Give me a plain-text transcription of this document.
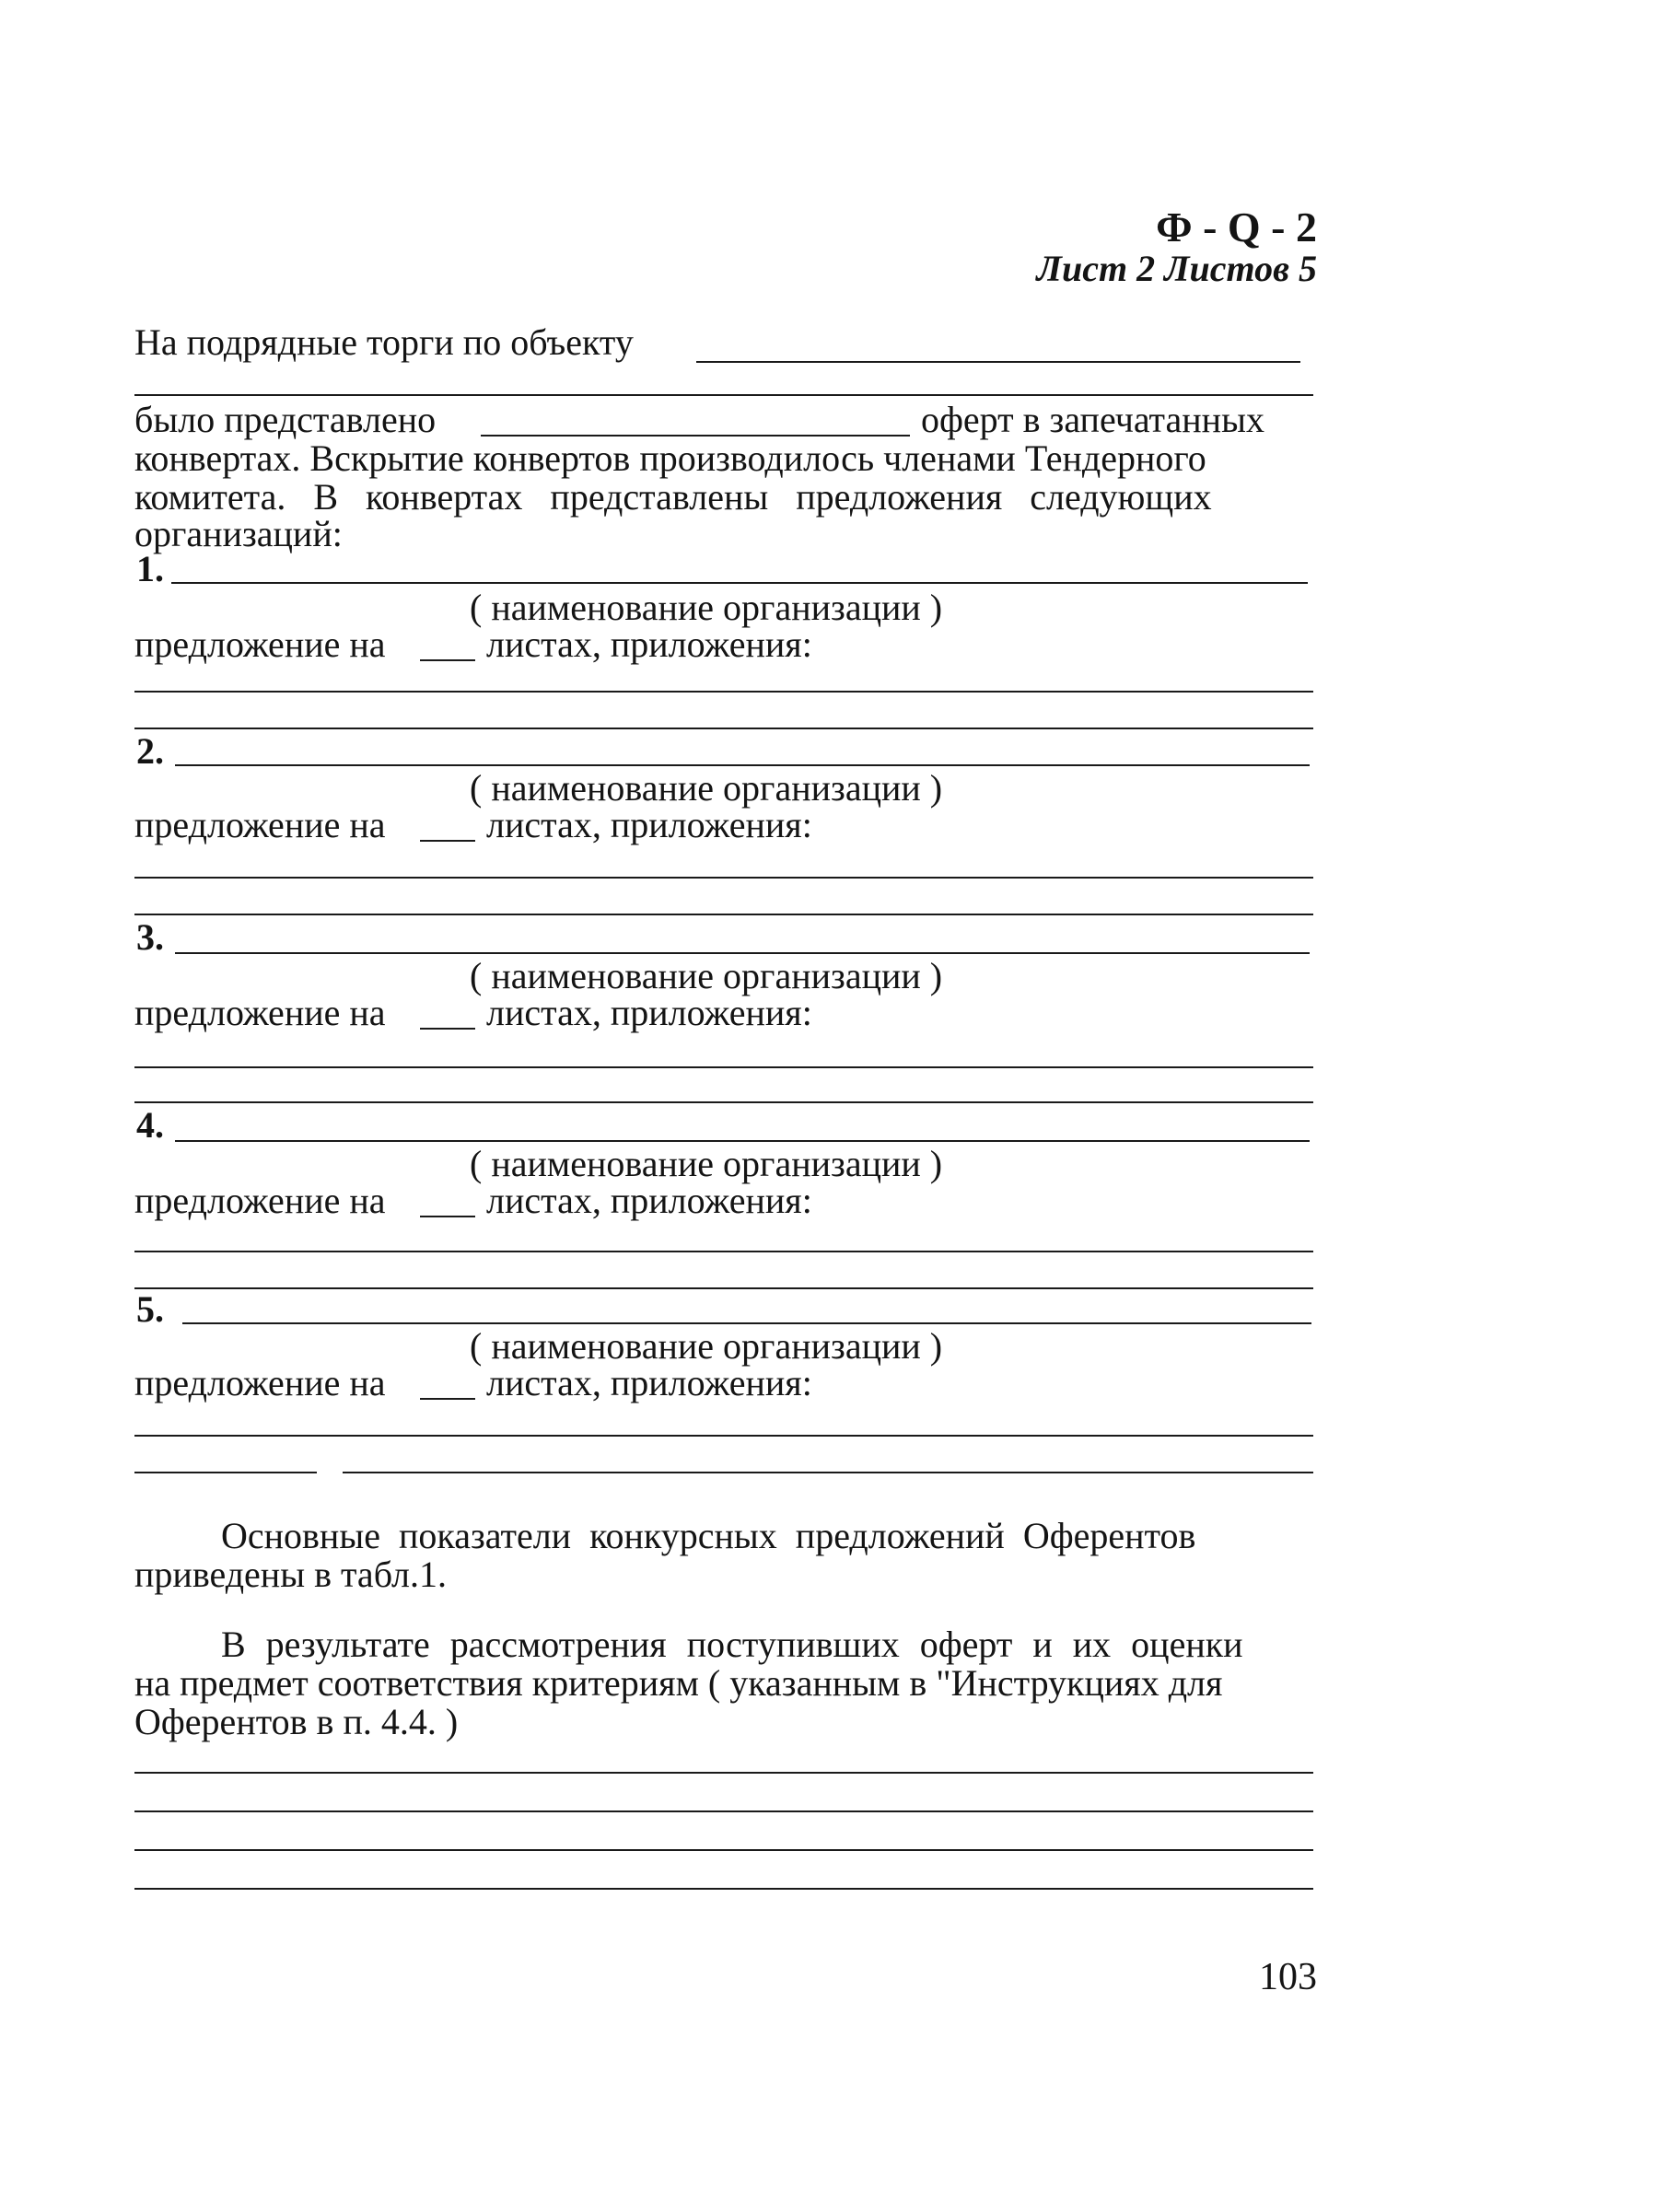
Ф - Q - 2
Лист 2 Листов 5
На подрядные торги по объекту
было представлено	оферт в запечатанных
конвертах. Вскрытие конвертов производилось членами Тендерного
комитета. В конвертах представлены предложения следующих
организаций:
1.
( наименование организации )
предложение на	листах, приложения:
2.
( наименование организации )
предложение на	листах, приложения:
3.
( наименование организации )
предложение на	листах, приложения:
4.
( наименование организации )
предложение на	листах, приложения:
5.
( наименование организации )
предложение на	листах, приложения:
Основные показатели конкурсных предложений Оферентов
приведены в табл.1.
В результате рассмотрения поступивших оферт и их оценки
на предмет соответствия критериям ( указанным в "Инструкциях для
Оферентов в п. 4.4. )
103
